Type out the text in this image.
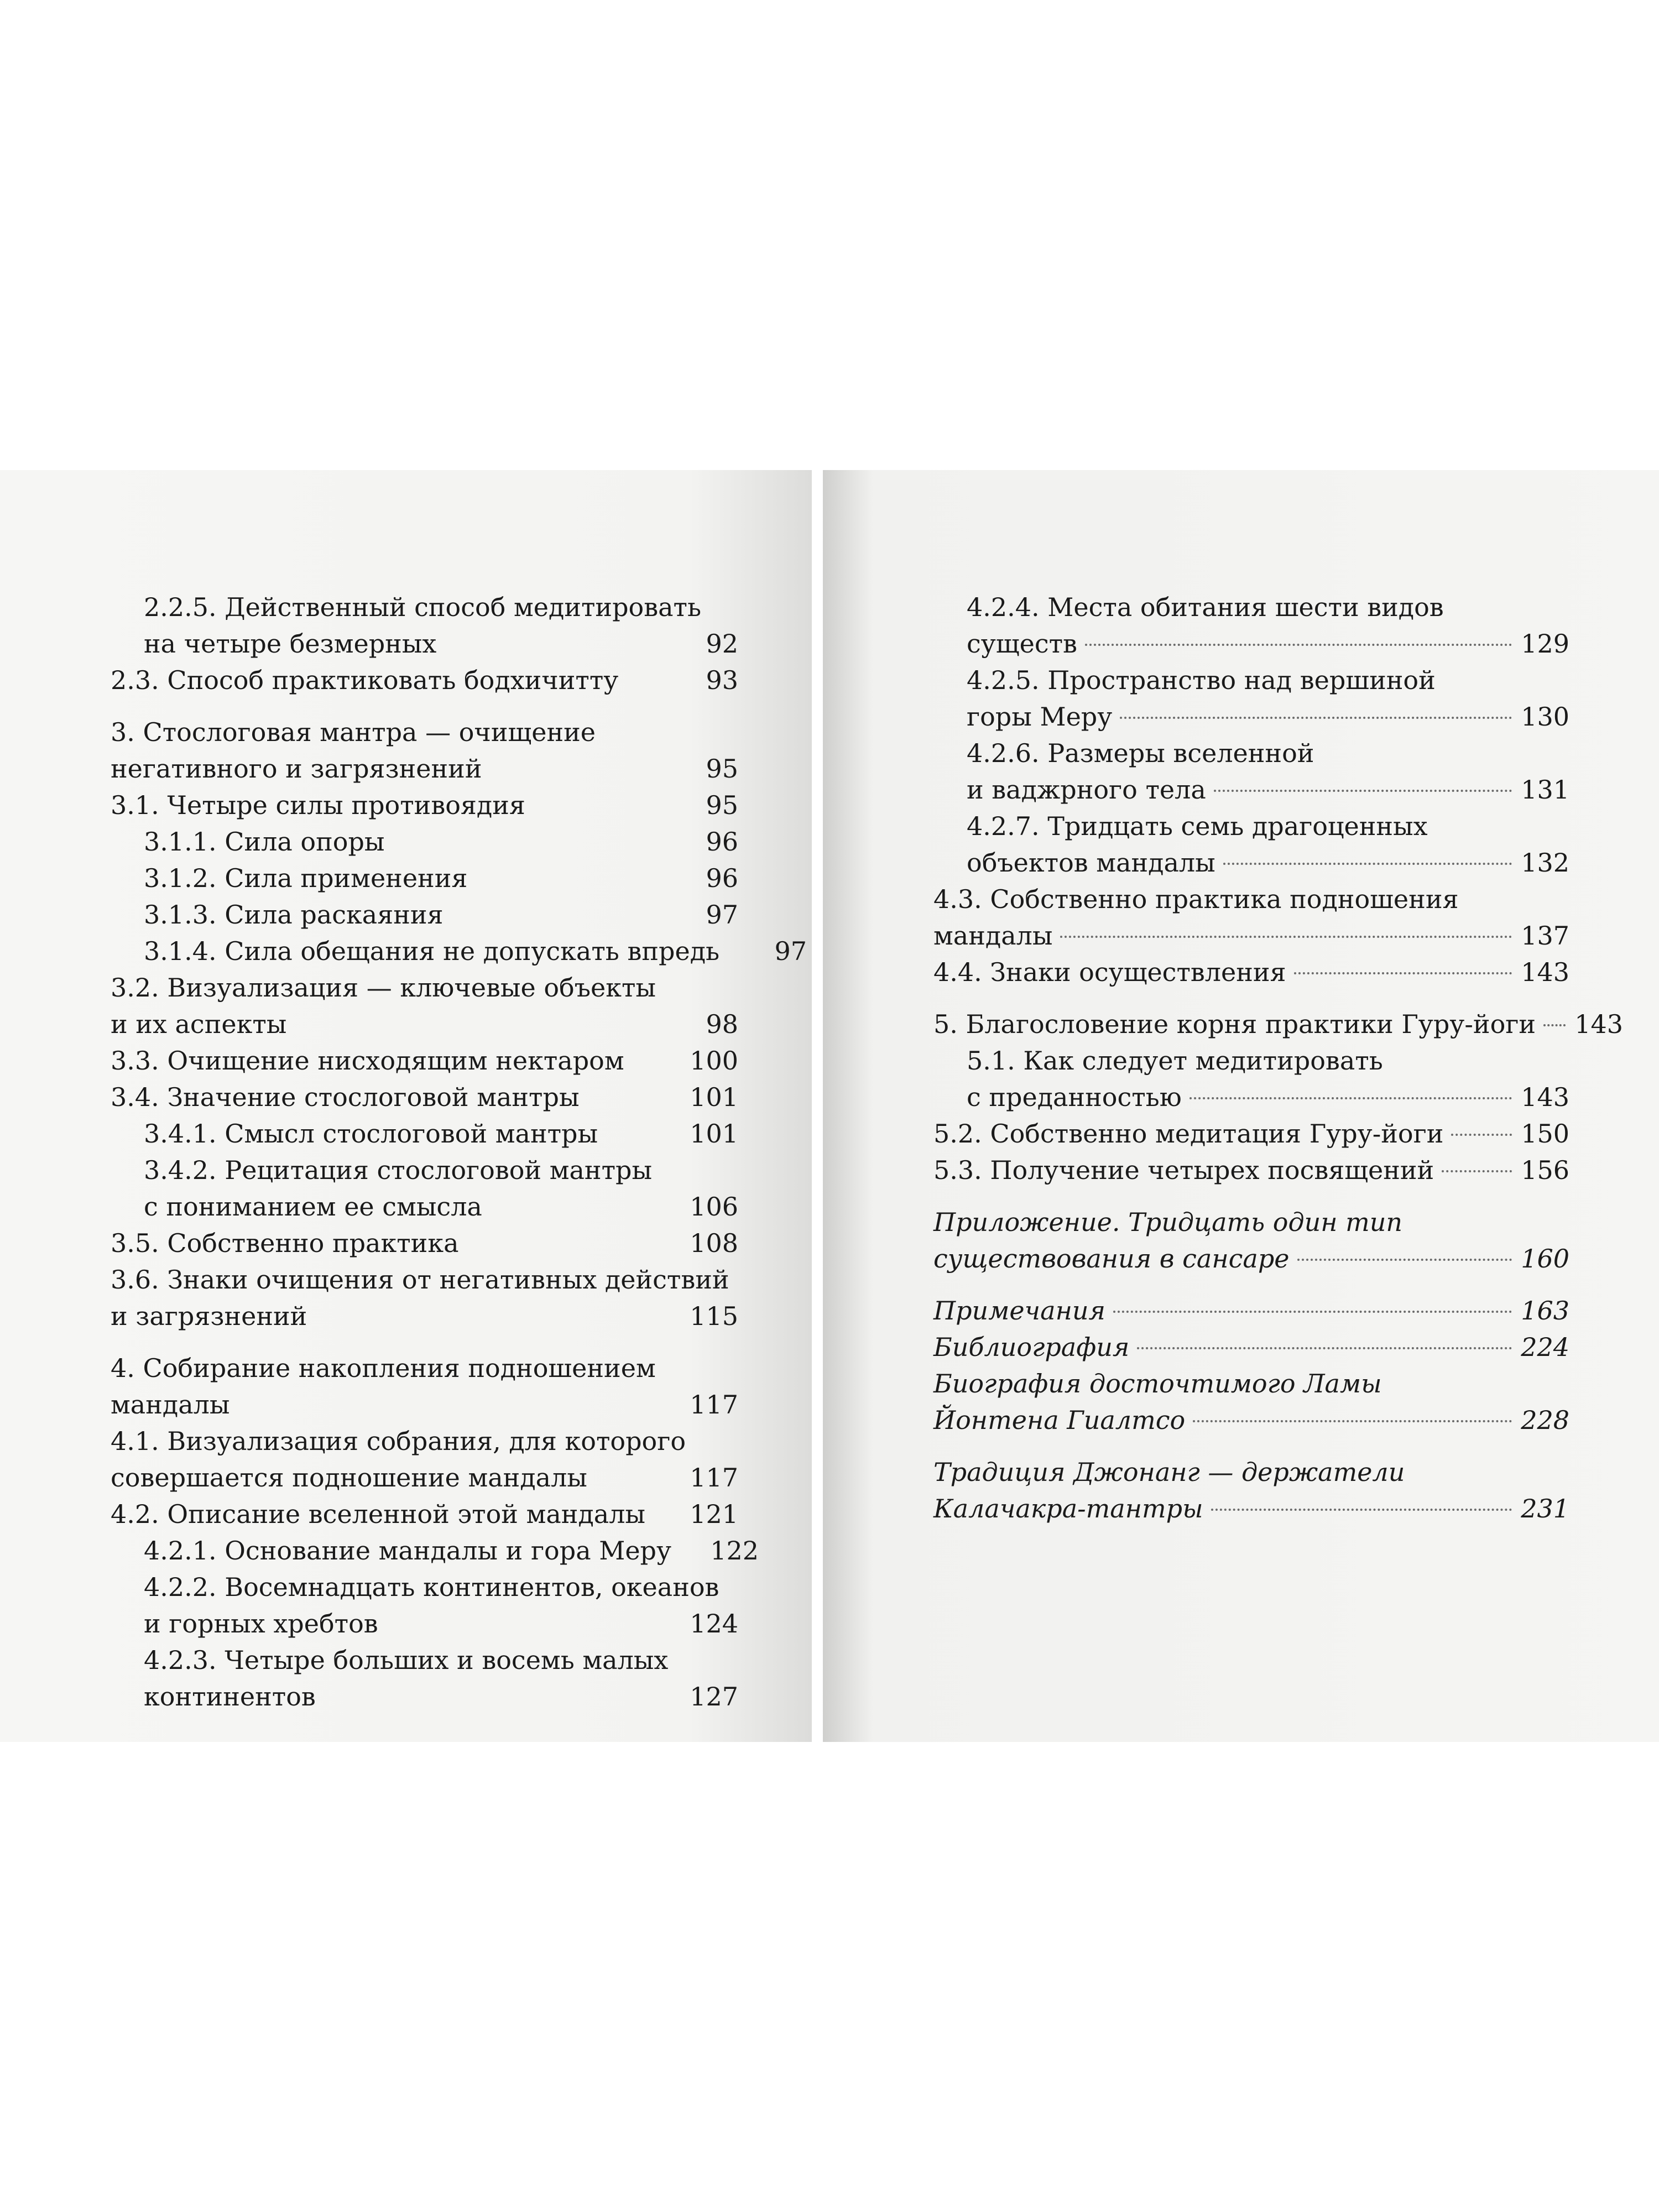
2.2.5. Действенный способ медитировать
на четыре безмерных	92
2.3. Способ практиковать бодхичитту	93
3. Стослоговая мантра — очищение
негативного и загрязнений	95
3.1. Четыре силы противоядия	95
3.1.1. Сила опоры	96
3.1.2. Сила применения	96
3.1.3. Сила раскаяния	97
3.1.4. Сила обещания не допускать впредь	97
3.2. Визуализация — ключевые объекты
и их аспекты	98
3.3. Очищение нисходящим нектаром	100
3.4. Значение стослоговой мантры	101
3.4.1. Смысл стослоговой мантры	101
3.4.2. Рецитация стослоговой мантры
с пониманием ее смысла	106
3.5. Собственно практика	108
3.6. Знаки очищения от негативных действий
и загрязнений	115
4. Собирание накопления подношением
мандалы	117
4.1. Визуализация собрания, для которого
совершается подношение мандалы	117
4.2. Описание вселенной этой мандалы 121
4.2.1. Основание мандалы и гора Меру 122
4.2.2. Восемнадцать континентов, океанов
и горных хребтов	124
4.2.3. Четыре больших и восемь малых
континентов	127
4.2.4. Места обитания шести видов
существ	129
4.2.5. Пространство над вершиной
горы Меру	130
4.2.6. Размеры вселенной
и ваджрного тела	131
4.2.7. Тридцать семь драгоценных
объектов мандалы	132
4.3. Собственно практика подношения
мандалы	137
4.4. Знаки осуществления	143
5. Благословение корня практики Гуру-йоги 143
5.1. Как следует медитировать
с преданностью	143
5.2. Собственно медитация Гуру-йоги	150
5.3. Получение четырех посвящений	156
Приложение. Тридцать один тип
существования в сансаре	160
Примечания	163
Библиография	224
Биография досточтимого Ламы
Йонтена Гиалтсо	228
Традиция Джонанг — держатели
Калачакра-тантры	231
